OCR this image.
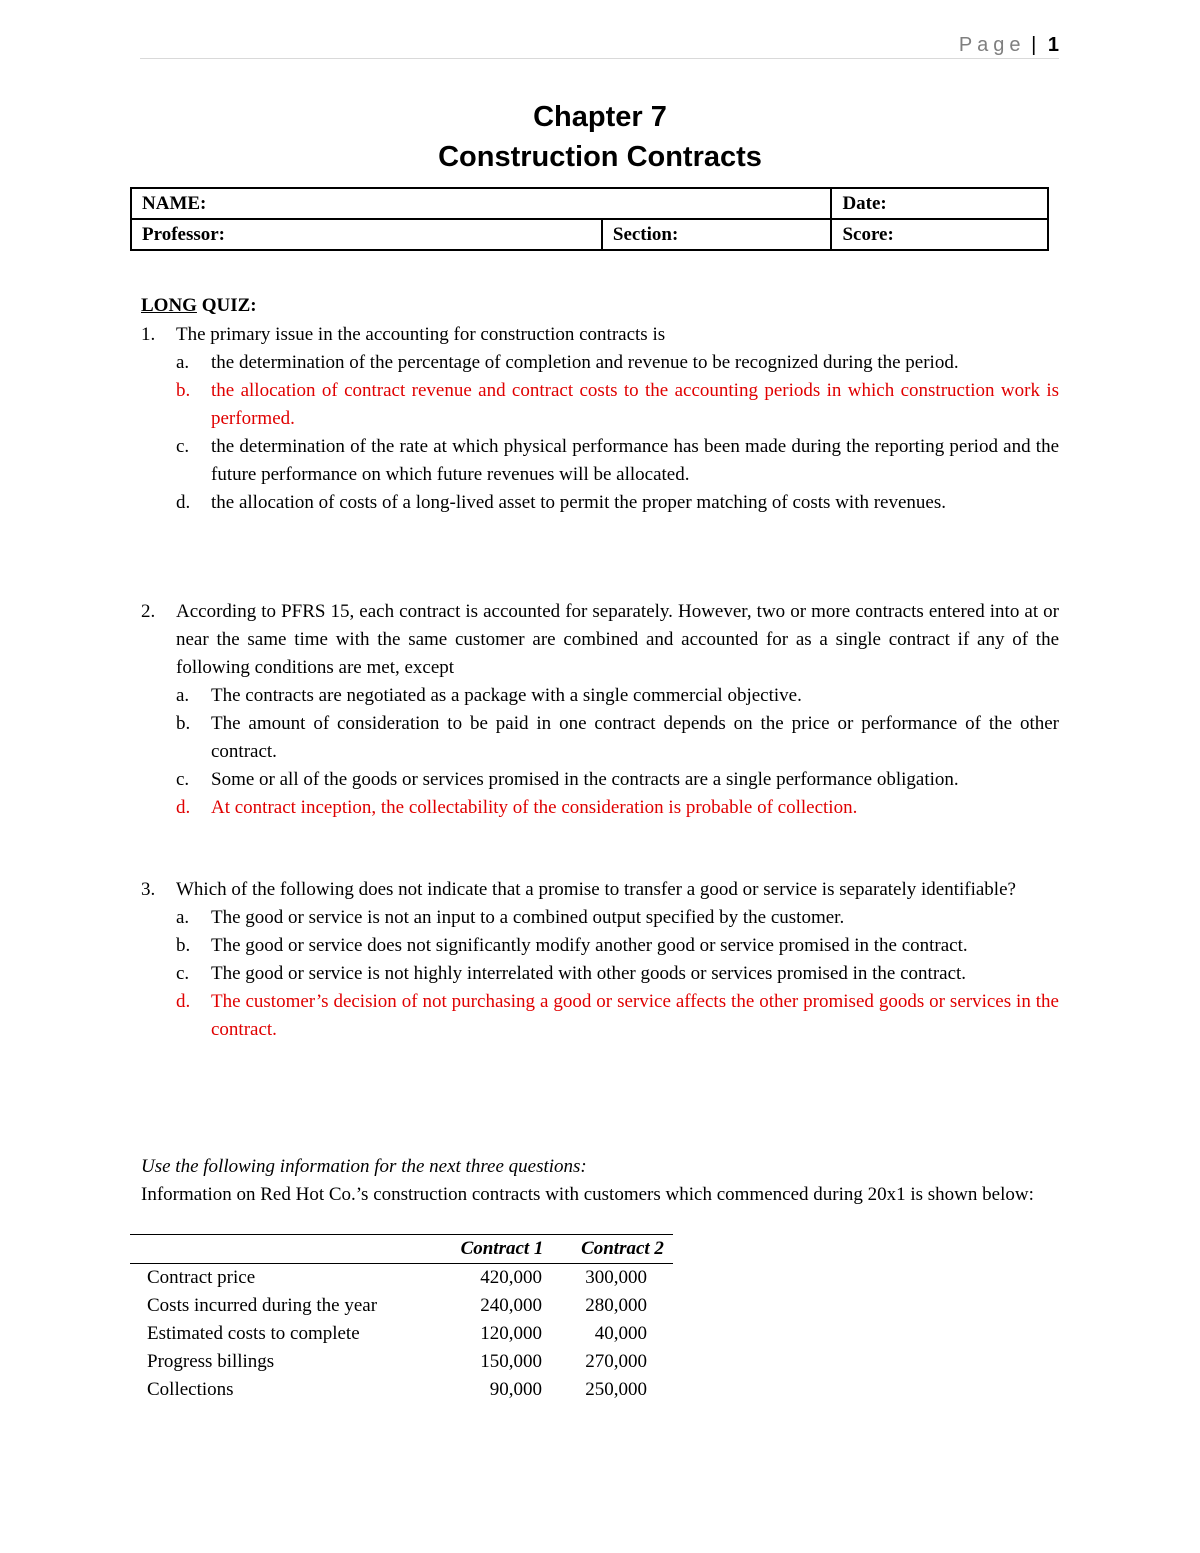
Page | 1
Chapter 7
Construction Contracts
NAME:		Date:
Professor:	Section:	Score:
LONG QUIZ:
1.	The primary issue in the accounting for construction contracts is
a.	the determination of the percentage of completion and revenue to be recognized during the period.
b.	the allocation of contract revenue and contract costs to the accounting periods in which construction work is performed.
c.	the determination of the rate at which physical performance has been made during the reporting period and the future performance on which future revenues will be allocated.
d.	the allocation of costs of a long-lived asset to permit the proper matching of costs with revenues.
2.	According to PFRS 15, each contract is accounted for separately. However, two or more contracts entered into at or near the same time with the same customer are combined and accounted for as a single contract if any of the following conditions are met, except
a.	The contracts are negotiated as a package with a single commercial objective.
b.	The amount of consideration to be paid in one contract depends on the price or performance of the other contract.
c.	Some or all of the goods or services promised in the contracts are a single performance obligation.
d.	At contract inception, the collectability of the consideration is probable of collection.
3.	Which of the following does not indicate that a promise to transfer a good or service is separately identifiable?
a.	The good or service is not an input to a combined output specified by the customer.
b.	The good or service does not significantly modify another good or service promised in the contract.
c.	The good or service is not highly interrelated with other goods or services promised in the contract.
d.	The customer’s decision of not purchasing a good or service affects the other promised goods or services in the contract.
Use the following information for the next three questions:
Information on Red Hot Co.’s construction contracts with customers which commenced during 20x1 is shown below:
	Contract 1	Contract 2
Contract price	420,000	300,000
Costs incurred during the year	240,000	280,000
Estimated costs to complete	120,000	40,000
Progress billings	150,000	270,000
Collections	90,000	250,000
